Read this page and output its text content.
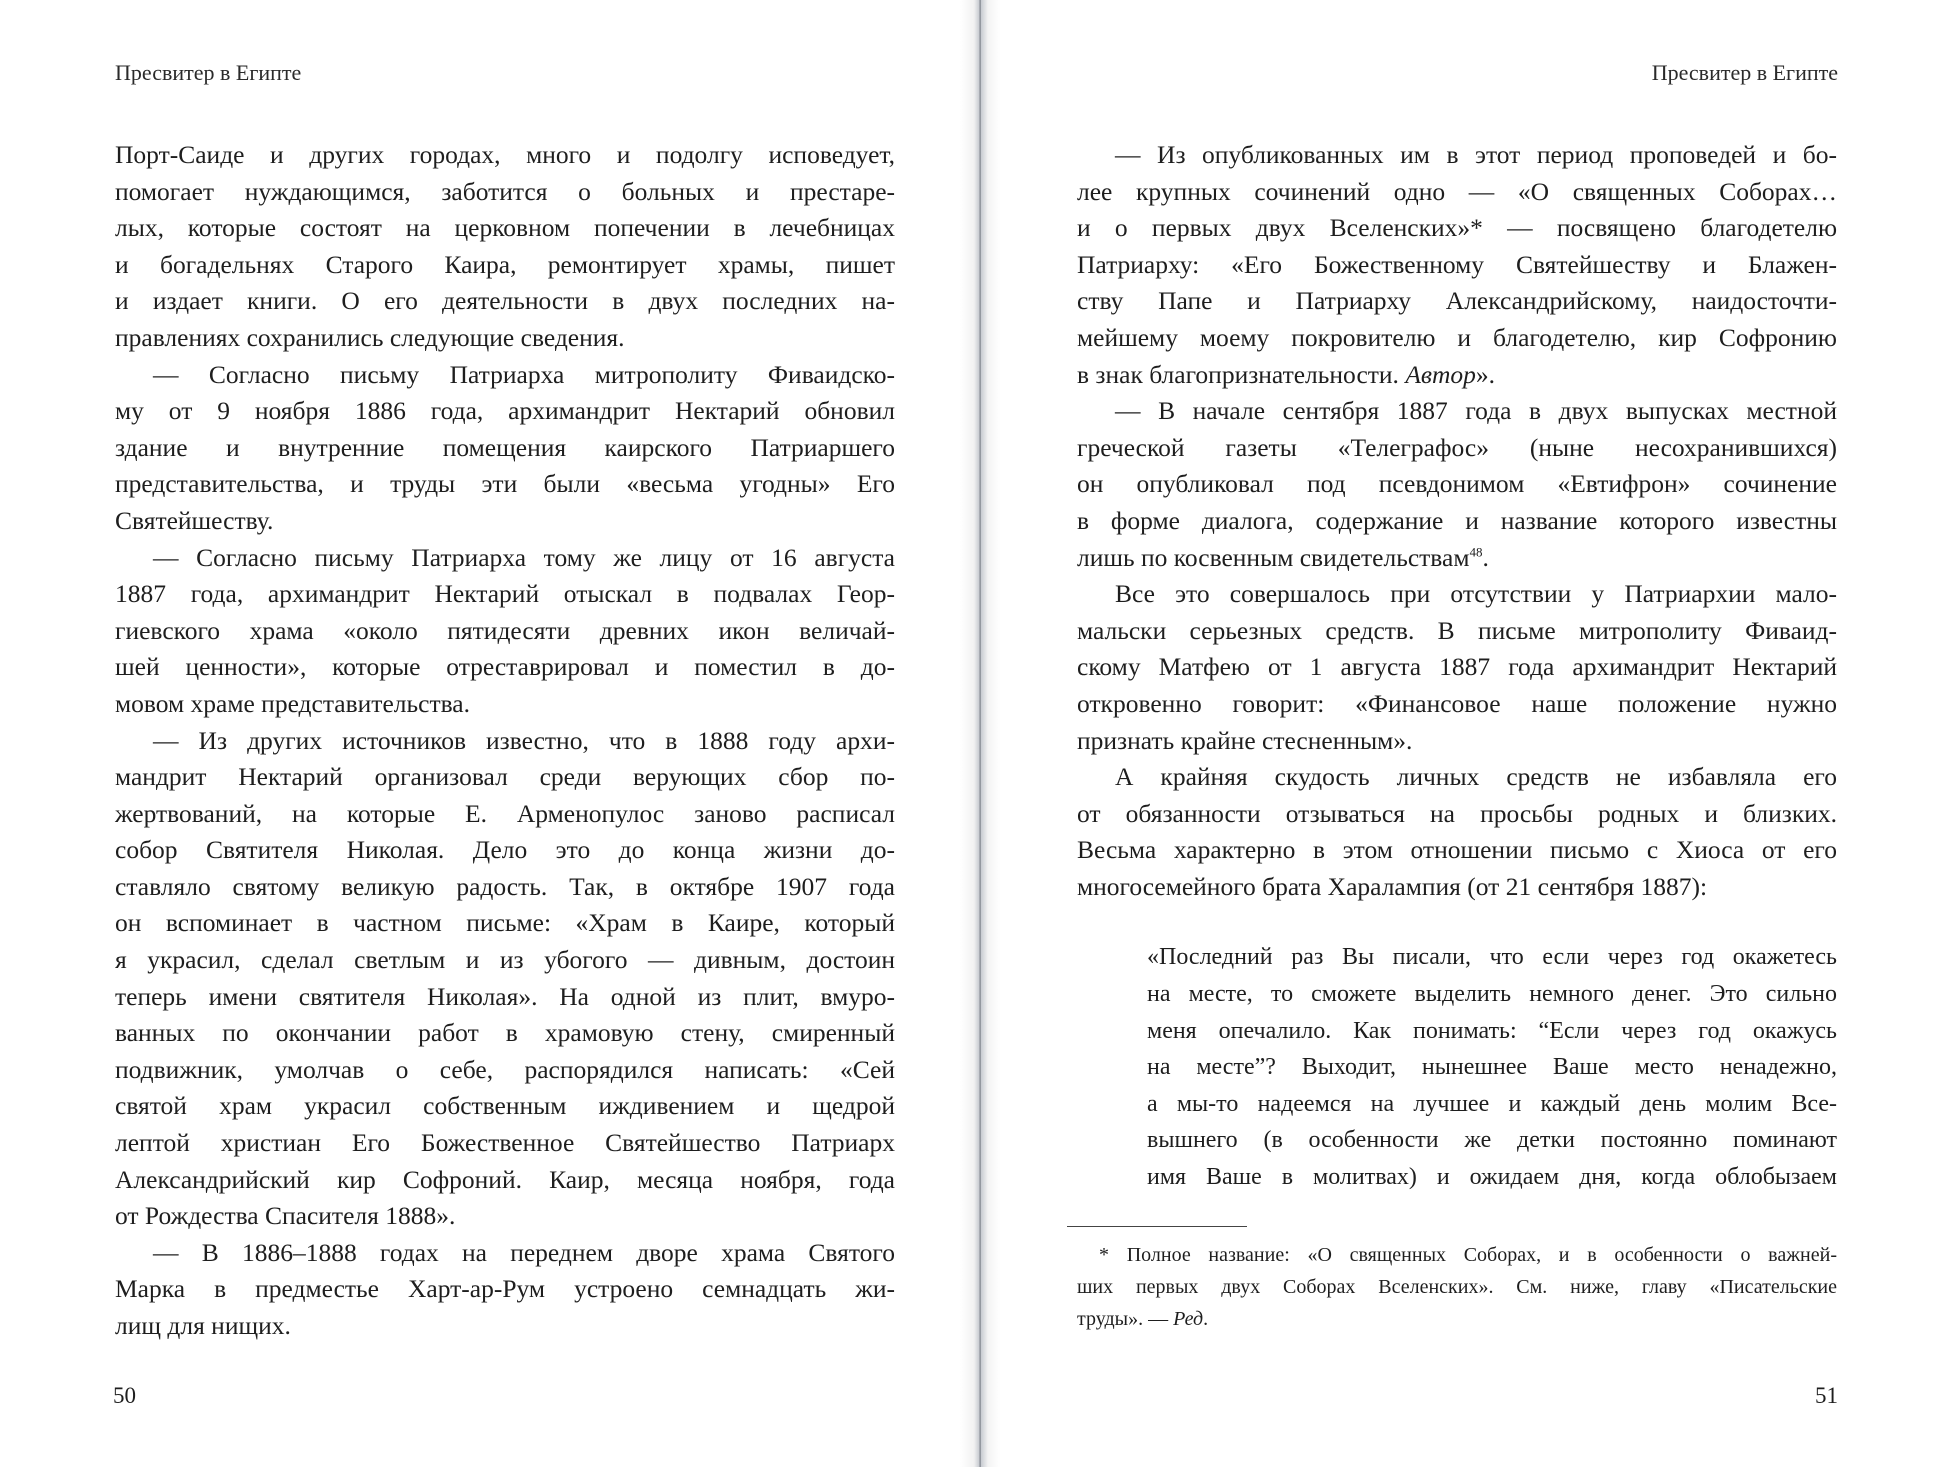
Пресвитер в Египте
Порт-Саиде и других городах, много и подолгу исповедует,
помогает нуждающимся, заботится о больных и престаре-
лых, которые состоят на церковном попечении в лечебницах
и богадельнях Старого Каира, ремонтирует храмы, пишет
и издает книги. О его деятельности в двух последних на-
правлениях сохранились следующие сведения.
— Согласно письму Патриарха митрополиту Фиваидско-
му от 9 ноября 1886 года, архимандрит Нектарий обновил
здание и внутренние помещения каирского Патриаршего
представительства, и труды эти были «весьма угодны» Его
Святейшеству.
— Согласно письму Патриарха тому же лицу от 16 августа
1887 года, архимандрит Нектарий отыскал в подвалах Геор-
гиевского храма «около пятидесяти древних икон величай-
шей ценности», которые отреставрировал и поместил в до-
мовом храме представительства.
— Из других источников известно, что в 1888 году архи-
мандрит Нектарий организовал среди верующих сбор по-
жертвований, на которые Е. Арменопулос заново расписал
собор Святителя Николая. Дело это до конца жизни до-
ставляло святому великую радость. Так, в октябре 1907 года
он вспоминает в частном письме: «Храм в Каире, который
я украсил, сделал светлым и из убогого — дивным, достоин
теперь имени святителя Николая». На одной из плит, вмуро-
ванных по окончании работ в храмовую стену, смиренный
подвижник, умолчав о себе, распорядился написать: «Сей
святой храм украсил собственным иждивением и щедрой
лептой христиан Его Божественное Святейшество Патриарх
Александрийский кир Софроний. Каир, месяца ноября, года
от Рождества Спасителя 1888».
— В 1886–1888 годах на переднем дворе храма Святого
Марка в предместье Харт-ар-Рум устроено семнадцать жи-
лищ для нищих.
50
Пресвитер в Египте
— Из опубликованных им в этот период проповедей и бо-
лее крупных сочинений одно — «О священных Соборах…
и о первых двух Вселенских»* — посвящено благодетелю
Патриарху: «Его Божественному Святейшеству и Блажен-
ству Папе и Патриарху Александрийскому, наидосточти-
мейшему моему покровителю и благодетелю, кир Софронию
в знак благопризнательности. Автор».
— В начале сентября 1887 года в двух выпусках местной
греческой газеты «Телеграфос» (ныне несохранившихся)
он опубликовал под псевдонимом «Евтифрон» сочинение
в форме диалога, содержание и название которого известны
лишь по косвенным свидетельствам$^{48}$.
Все это совершалось при отсутствии у Патриархии мало-
мальски серьезных средств. В письме митрополиту Фиваид-
скому Матфею от 1 августа 1887 года архимандрит Нектарий
откровенно говорит: «Финансовое наше положение нужно
признать крайне стесненным».
А крайняя скудость личных средств не избавляла его
от обязанности отзываться на просьбы родных и близких.
Весьма характерно в этом отношении письмо с Хиоса от его
многосемейного брата Харалампия (от 21 сентября 1887):
«Последний раз Вы писали, что если через год окажетесь
на месте, то сможете выделить немного денег. Это сильно
меня опечалило. Как понимать: “Если через год окажусь
на месте”? Выходит, нынешнее Ваше место ненадежно,
а мы-то надеемся на лучшее и каждый день молим Все-
вышнего (в особенности же детки постоянно поминают
имя Ваше в молитвах) и ожидаем дня, когда облобызаем
* Полное название: «О священных Соборах, и в особенности о важней-
ших первых двух Соборах Вселенских». См. ниже, главу «Писательские
труды». — Ред.
51
